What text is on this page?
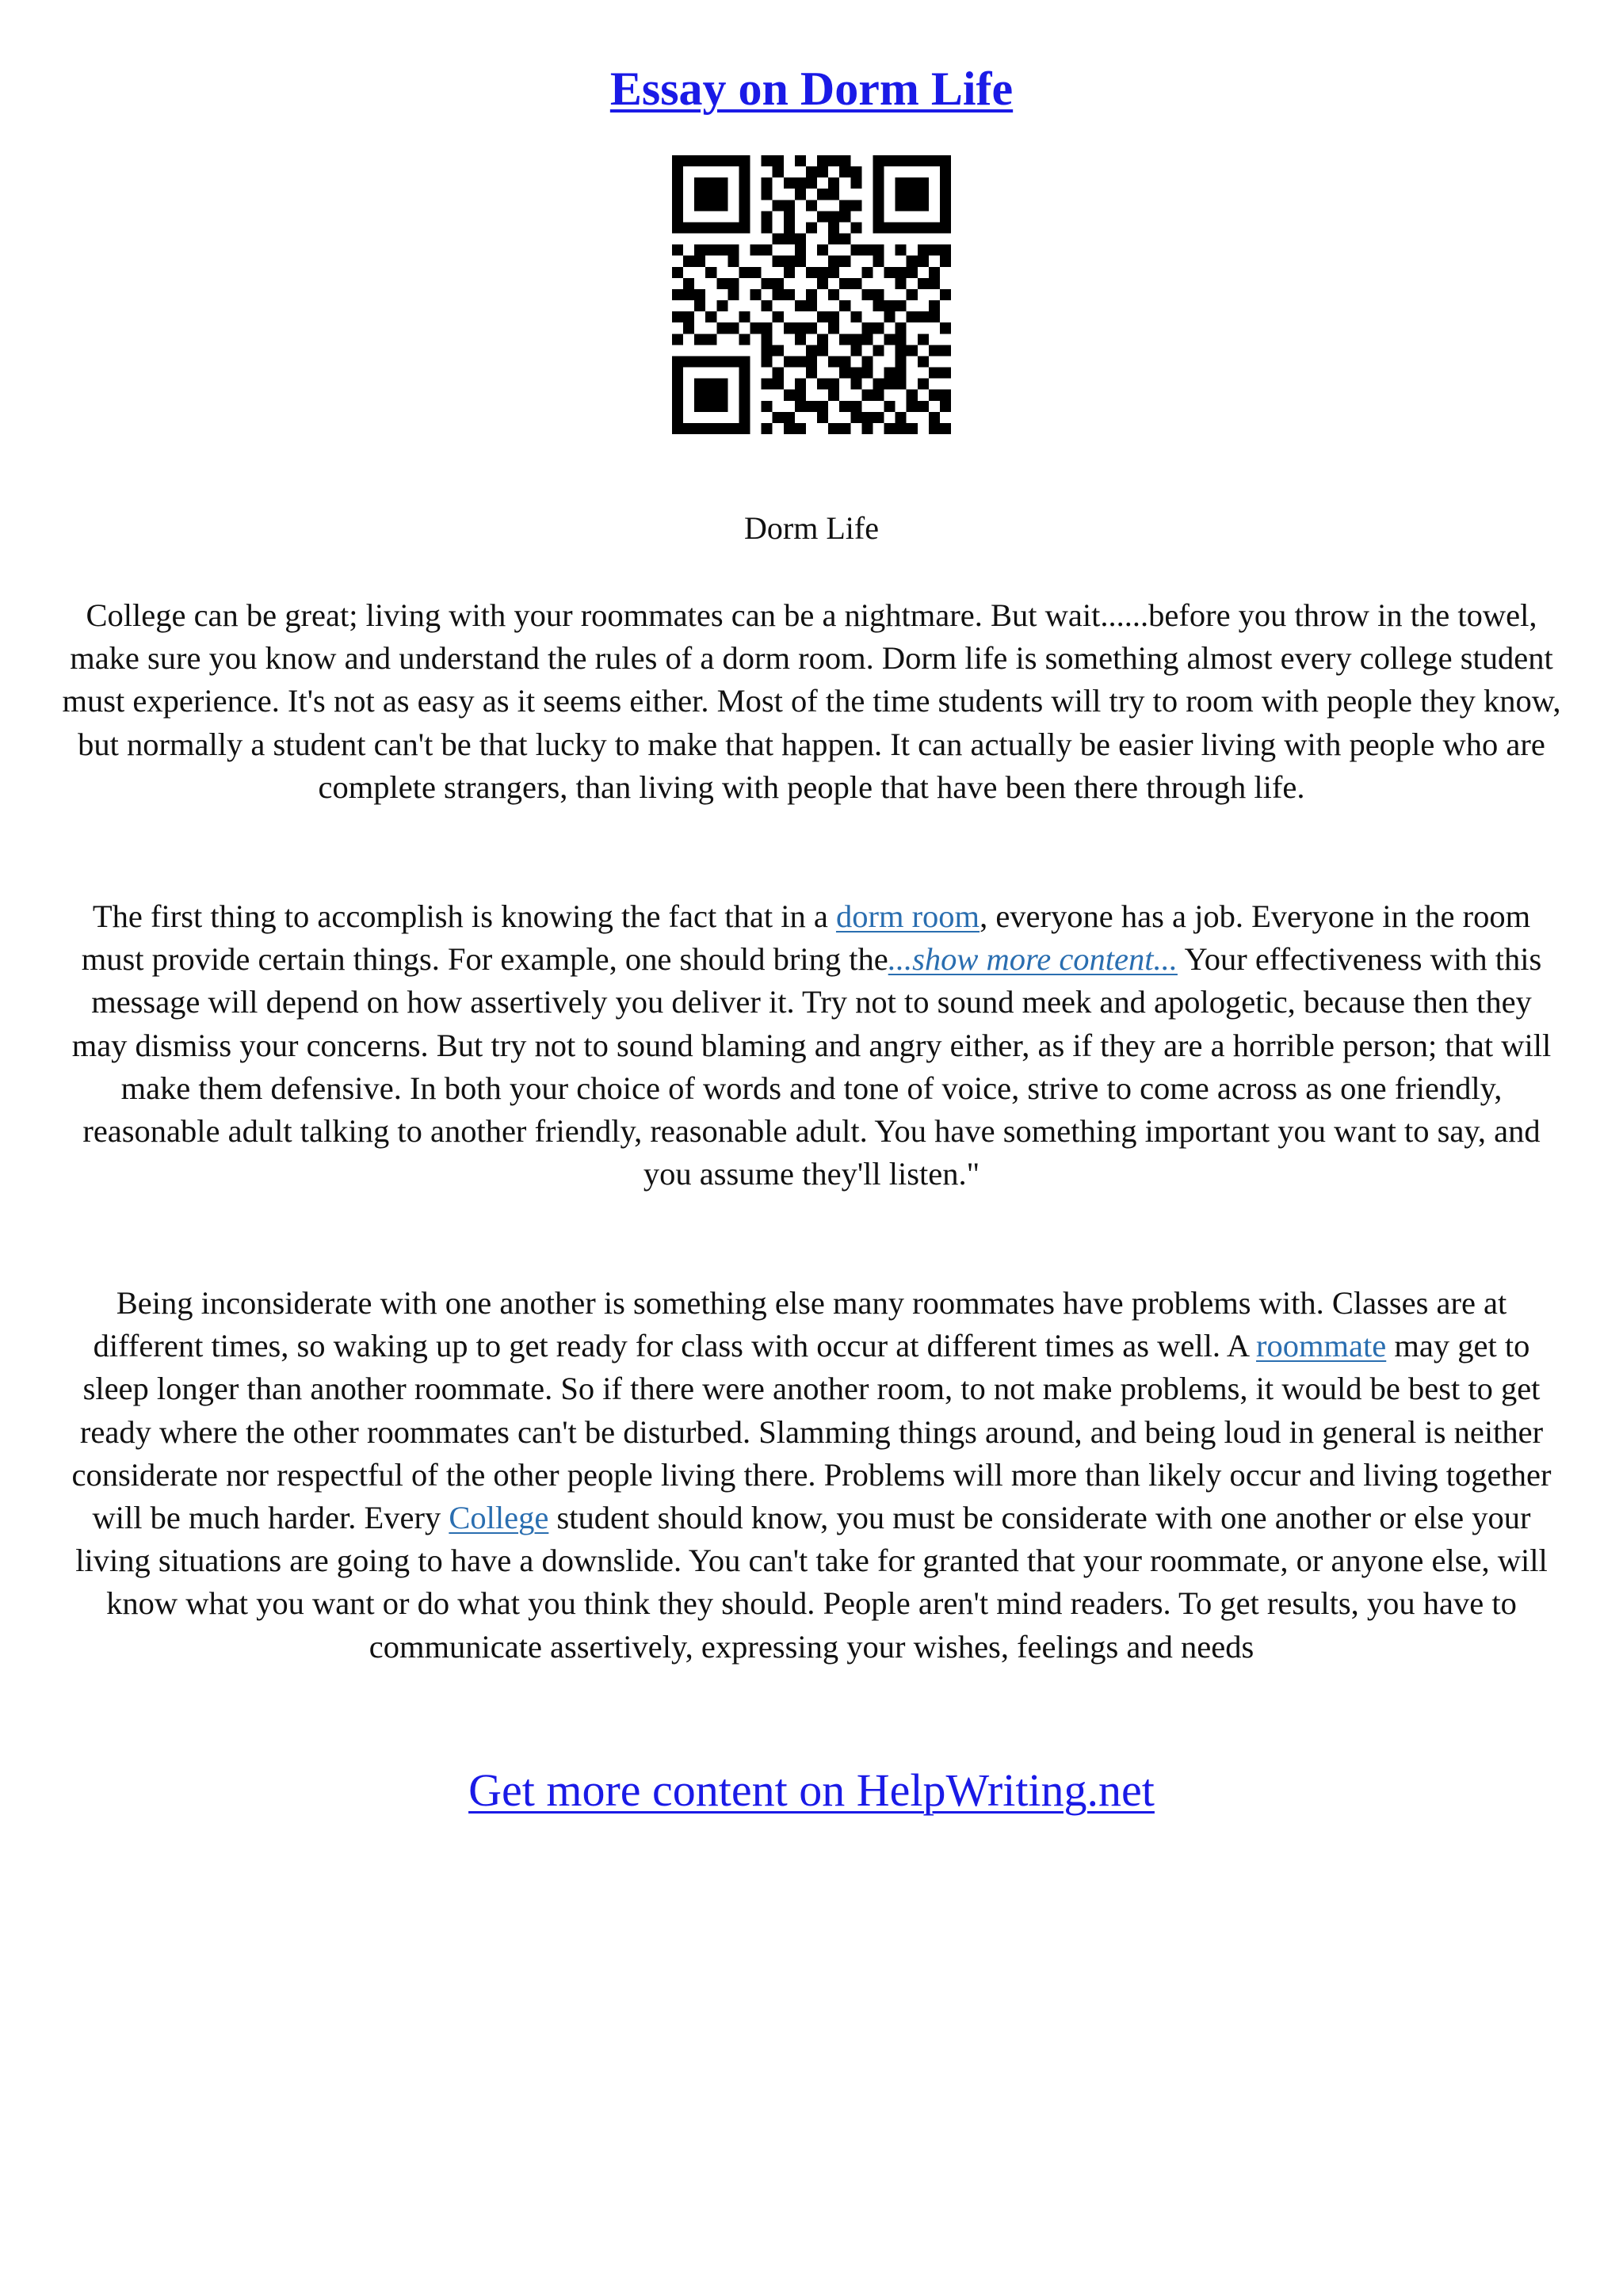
Essay on Dorm Life
Dorm Life

College can be great; living with your roommates can be a nightmare. But wait......before you throw in the towel, make sure you know and understand the rules of a dorm room. Dorm life is something almost every college student must experience. It's not as easy as it seems either. Most of the time students will try to room with people they know, but normally a student can't be that lucky to make that happen. It can actually be easier living with people who are complete strangers, than living with people that have been there through life.

The first thing to accomplish is knowing the fact that in a dorm room, everyone has a job. Everyone in the room must provide certain things. For example, one should bring the...show more content... Your effectiveness with this message will depend on how assertively you deliver it. Try not to sound meek and apologetic, because then they may dismiss your concerns. But try not to sound blaming and angry either, as if they are a horrible person; that will make them defensive. In both your choice of words and tone of voice, strive to come across as one friendly, reasonable adult talking to another friendly, reasonable adult. You have something important you want to say, and you assume they'll listen."

Being inconsiderate with one another is something else many roommates have problems with. Classes are at different times, so waking up to get ready for class with occur at different times as well. A roommate may get to sleep longer than another roommate. So if there were another room, to not make problems, it would be best to get ready where the other roommates can't be disturbed. Slamming things around, and being loud in general is neither considerate nor respectful of the other people living there. Problems will more than likely occur and living together will be much harder. Every College student should know, you must be considerate with one another or else your living situations are going to have a downslide. You can't take for granted that your roommate, or anyone else, will know what you want or do what you think they should. People aren't mind readers. To get results, you have to communicate assertively, expressing your wishes, feelings and needs

Get more content on HelpWriting.net
